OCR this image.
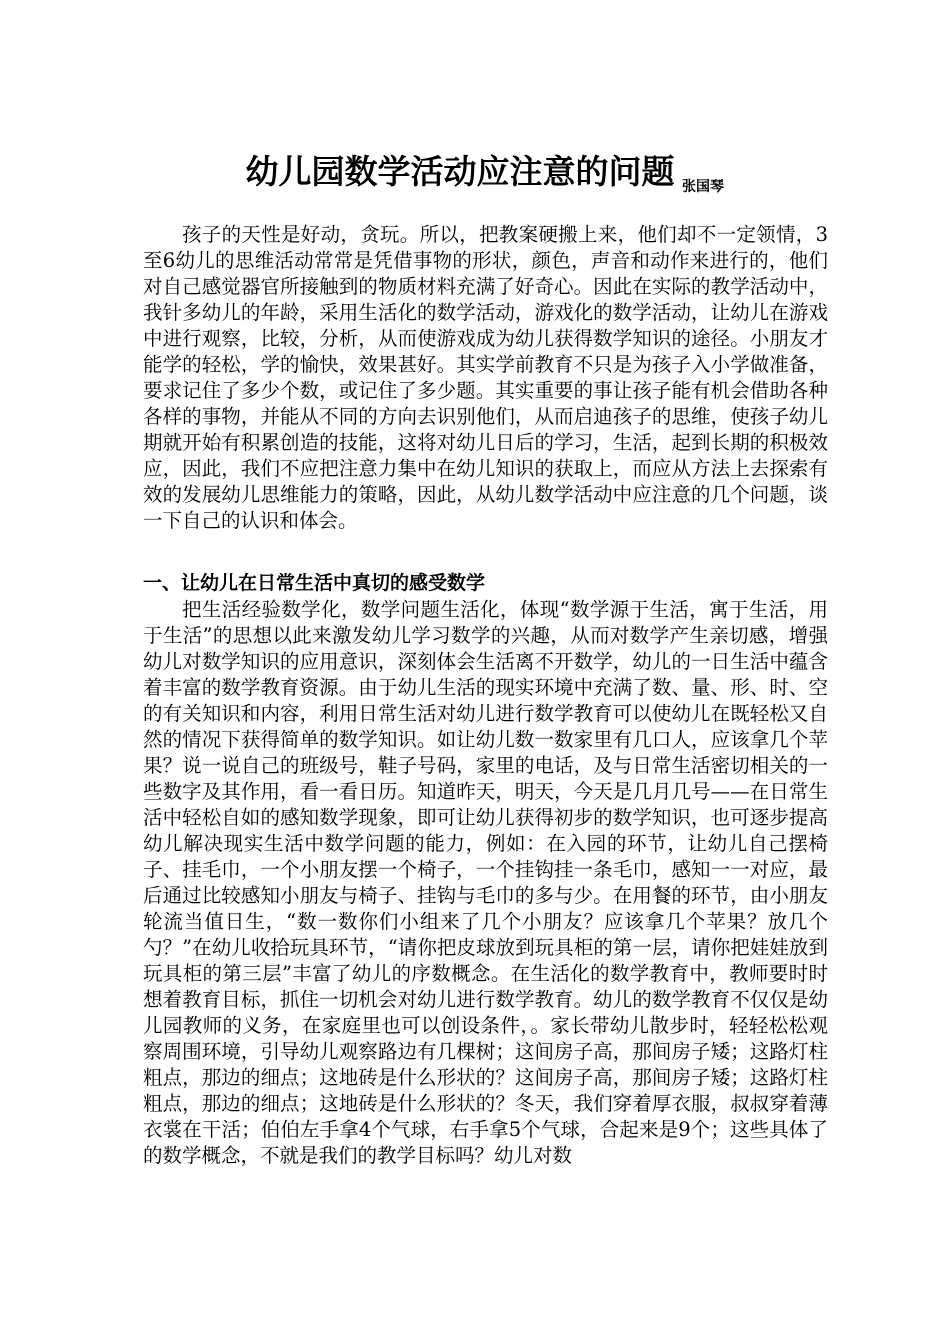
幼儿园数学活动应注意的问题 张国琴

孩子的天性是好动，贪玩。所以，把教案硬搬上来，他们却不一定领情，3至6幼儿的思维活动常常是凭借事物的形状，颜色，声音和动作来进行的，他们对自己感觉器官所接触到的物质材料充满了好奇心。因此在实际的教学活动中，我针多幼儿的年龄，采用生活化的数学活动，游戏化的数学活动，让幼儿在游戏中进行观察，比较，分析，从而使游戏成为幼儿获得数学知识的途径。小朋友才能学的轻松，学的愉快，效果甚好。其实学前教育不只是为孩子入小学做准备，要求记住了多少个数，或记住了多少题。其实重要的事让孩子能有机会借助各种各样的事物，并能从不同的方向去识别他们，从而启迪孩子的思维，使孩子幼儿期就开始有积累创造的技能，这将对幼儿日后的学习，生活，起到长期的积极效应，因此，我们不应把注意力集中在幼儿知识的获取上，而应从方法上去探索有效的发展幼儿思维能力的策略，因此，从幼儿数学活动中应注意的几个问题，谈一下自己的认识和体会。

一、让幼儿在日常生活中真切的感受数学

把生活经验数学化，数学问题生活化，体现“数学源于生活，寓于生活，用于生活”的思想以此来激发幼儿学习数学的兴趣，从而对数学产生亲切感，增强幼儿对数学知识的应用意识，深刻体会生活离不开数学，幼儿的一日生活中蕴含着丰富的数学教育资源。由于幼儿生活的现实环境中充满了数、量、形、时、空的有关知识和内容，利用日常生活对幼儿进行数学教育可以使幼儿在既轻松又自然的情况下获得简单的数学知识。如让幼儿数一数家里有几口人，应该拿几个苹果？说一说自己的班级号，鞋子号码，家里的电话，及与日常生活密切相关的一些数字及其作用，看一看日历。知道昨天，明天，今天是几月几号——在日常生活中轻松自如的感知数学现象，即可让幼儿获得初步的数学知识，也可逐步提高幼儿解决现实生活中数学问题的能力，例如：在入园的环节，让幼儿自己摆椅子、挂毛巾，一个小朋友摆一个椅子，一个挂钩挂一条毛巾，感知一一对应，最后通过比较感知小朋友与椅子、挂钩与毛巾的多与少。在用餐的环节，由小朋友轮流当值日生，“数一数你们小组来了几个小朋友？应该拿几个苹果？放几个勺？”在幼儿收拾玩具环节，“请你把皮球放到玩具柜的第一层，请你把娃娃放到玩具柜的第三层”丰富了幼儿的序数概念。在生活化的数学教育中，教师要时时想着教育目标，抓住一切机会对幼儿进行数学教育。幼儿的数学教育不仅仅是幼儿园教师的义务，在家庭里也可以创设条件，。家长带幼儿散步时，轻轻松松观察周围环境，引导幼儿观察路边有几棵树；这间房子高，那间房子矮；这路灯柱粗点，那边的细点；这地砖是什么形状的？这间房子高，那间房子矮；这路灯柱粗点，那边的细点；这地砖是什么形状的？冬天，我们穿着厚衣服，叔叔穿着薄衣裳在干活；伯伯左手拿4个气球，右手拿5个气球，合起来是9个；这些具体了的数学概念，不就是我们的教学目标吗？幼儿对数
